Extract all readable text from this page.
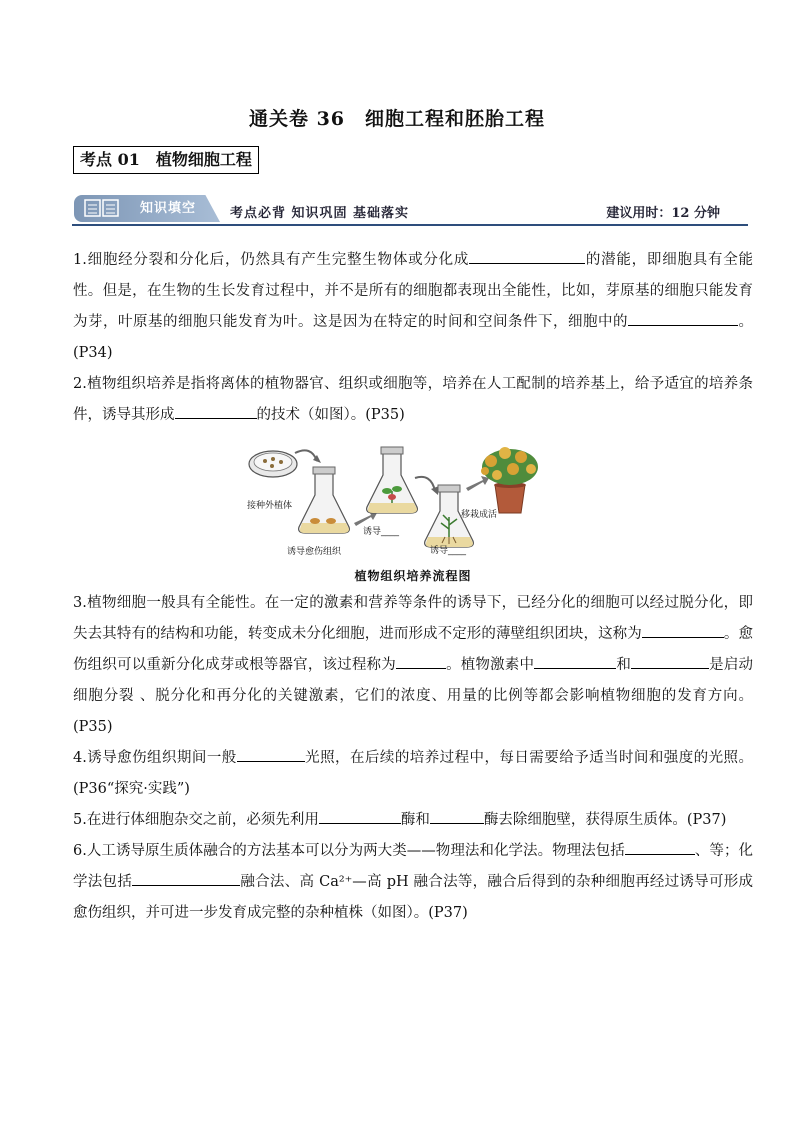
通关卷 36　细胞工程和胚胎工程
考点 01　植物细胞工程
知识填空	考点必背 知识巩固 基础落实	建议用时：12 分钟

1.细胞经分裂和分化后，仍然具有产生完整生物体或分化成	的潜能，即细胞具有全能性。但是，在生物的生长发育过程中，并不是所有的细胞都表现出全能性，比如，芽原基的细胞只能发育为芽，叶原基的细胞只能发育为叶。这是因为在特定的时间和空间条件下，细胞中的	。(P34)

2.植物组织培养是指将离体的植物器官、组织或细胞等，培养在人工配制的培养基上，给予适宜的培养条件，诱导其形成	的技术（如图）。(P35)

接种外植体
诱导愈伤组织
诱导____
诱导____
移栽成活
植物组织培养流程图

3.植物细胞一般具有全能性。在一定的激素和营养等条件的诱导下，已经分化的细胞可以经过脱分化，即失去其特有的结构和功能，转变成未分化细胞，进而形成不定形的薄壁组织团块，这称为	。愈伤组织可以重新分化成芽或根等器官，该过程称为	。植物激素中	和	是启动细胞分裂 、脱分化和再分化的关键激素，它们的浓度、用量的比例等都会影响植物细胞的发育方向。(P35)

4.诱导愈伤组织期间一般	光照，在后续的培养过程中，每日需要给予适当时间和强度的光照。(P36“探究·实践”)

5.在进行体细胞杂交之前，必须先利用	酶和	酶去除细胞壁，获得原生质体。(P37)

6.人工诱导原生质体融合的方法基本可以分为两大类——物理法和化学法。物理法包括	、等；化学法包括	融合法、高 Ca²⁺—高 pH 融合法等，融合后得到的杂种细胞再经过诱导可形成愈伤组织，并可进一步发育成完整的杂种植株（如图）。(P37)
